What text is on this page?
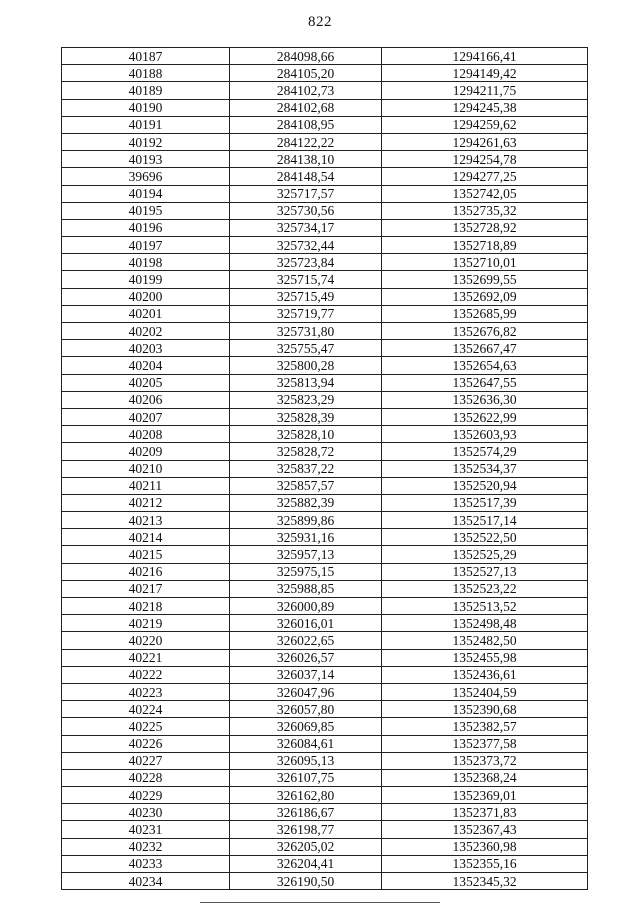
822
40187	284098,66	1294166,41
40188	284105,20	1294149,42
40189	284102,73	1294211,75
40190	284102,68	1294245,38
40191	284108,95	1294259,62
40192	284122,22	1294261,63
40193	284138,10	1294254,78
39696	284148,54	1294277,25
40194	325717,57	1352742,05
40195	325730,56	1352735,32
40196	325734,17	1352728,92
40197	325732,44	1352718,89
40198	325723,84	1352710,01
40199	325715,74	1352699,55
40200	325715,49	1352692,09
40201	325719,77	1352685,99
40202	325731,80	1352676,82
40203	325755,47	1352667,47
40204	325800,28	1352654,63
40205	325813,94	1352647,55
40206	325823,29	1352636,30
40207	325828,39	1352622,99
40208	325828,10	1352603,93
40209	325828,72	1352574,29
40210	325837,22	1352534,37
40211	325857,57	1352520,94
40212	325882,39	1352517,39
40213	325899,86	1352517,14
40214	325931,16	1352522,50
40215	325957,13	1352525,29
40216	325975,15	1352527,13
40217	325988,85	1352523,22
40218	326000,89	1352513,52
40219	326016,01	1352498,48
40220	326022,65	1352482,50
40221	326026,57	1352455,98
40222	326037,14	1352436,61
40223	326047,96	1352404,59
40224	326057,80	1352390,68
40225	326069,85	1352382,57
40226	326084,61	1352377,58
40227	326095,13	1352373,72
40228	326107,75	1352368,24
40229	326162,80	1352369,01
40230	326186,67	1352371,83
40231	326198,77	1352367,43
40232	326205,02	1352360,98
40233	326204,41	1352355,16
40234	326190,50	1352345,32
